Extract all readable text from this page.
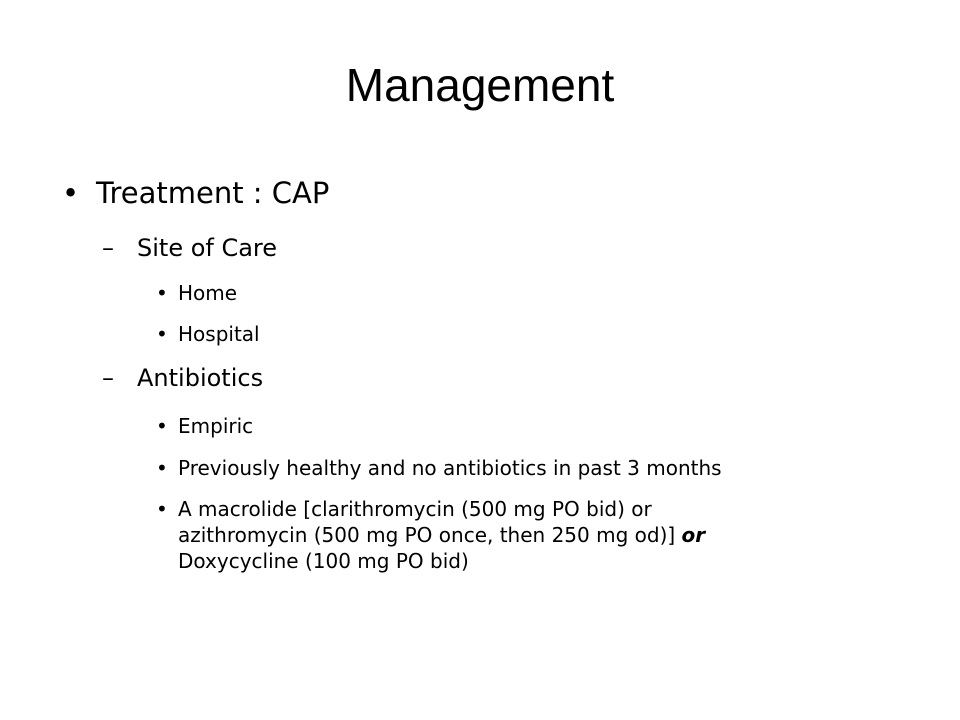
Management
• Treatment : CAP
– Site of Care
• Home
• Hospital
– Antibiotics
• Empiric
• Previously healthy and no antibiotics in past 3 months
• A macrolide [clarithromycin (500 mg PO bid) or
azithromycin (500 mg PO once, then 250 mg od)] or
Doxycycline (100 mg PO bid)
